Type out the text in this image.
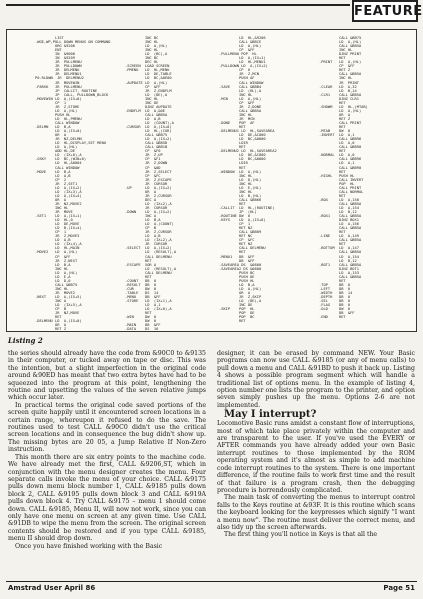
FEATURE
LIST
.WGE,WP,PULL DOWN MENUS ON COMMAND
ORG &9206
ENT
IN  &9000
IN  &9209
JR  PULLMENU
JR  PULLDOWN
JR  DELMENU
JR  DELMENU1
P0.RLDWN  JR  DELMENU2
JR  MOVEWIN
.PARSK   JR  PULLMENU
JP  CALLIT, ROUTINE
JP  CALL, PULLDOWN_BLOCK
.MOVEWIN LD  A,(IX+0)
CP  1
JR  Z,STORE
LD  A,(HL)
PUSH HL
LD  HL,PMENU
CALL WINDOW
.DELMN   LD  B,A
LD  A,(IX+0)
OR  A
JR  NZ,DELMN
LD  HL,DISPLAY,SET MENU
LD  A,(HL)
ADD HL,DE
LD  (IX+0),A
.GSKY    LD  BC,(WIN+0)
LD  HL,&0004
CALL WINDOW
.MOVE    LD  B,A
LD  A,B
CP  2
JR  Z,SET1
LD  A,(IX+2)
LD  (IX+3),A
LD  A,(IX+4)
OR  A
JR  NZ,MOVE2
INC HL
JR  MOVE
.SET1    LD  A,(IX+1)
LD  HL,0
LD  DE,MOVE
LD  B,(IX+4)
CP  1
JR  Z,MOVE3
LD  A,B
LD  (IX+4),A
LD  HL,MAIN
.MOVE2   LD  A,(HL)
CP  &FF
JR  Z,NEXT
LD  B,A
INC HL
LD  A,(HL)
LD  E,A
LD  D,0
CALL &BB75
INC HL
JR  MOVE2
.NEXT    LD  A,(IX+5)
INC A
LD  (IX+5),A
CP  B
JR  NZ,MOVE
RET
.DELMENU LD  A,(IX+0)
OR  A
RET Z

INC BC
INC HL
LD  A,(HL)
INC HL
LD  (BC),A
INC BC
DEC HL
.SCREEN  LOAD SCREEN
.PMENU   LD  HL,MENU
LD  DE,TABLE
LD  BC,&0E00
.AUPDATE LD  A,(HL)
CP  &FF
JR  Z,ENDFLM
LD  (DE),A
INC HL
INC DE
DJNZ AUPDATE
.ENDFLM  LD  A,&0E
CALL &BB5A
LD  A,B
LD  (COUNT),A
.CURSOR  LD  A,(IX+0)
LD  HL,(CUR)
CALL &BB75
LD  A,(IX+2)
CALL &BB5D
CALL &BB1B
CP  &F0
JR  Z,UP
CP  &F1
JR  Z,DOWN
CP  &0D
JR  Z,SELECT
CP  &FC
JR  Z,ESCAPE
JR  CURSOR
.UP      LD  A,(IX+2)
OR  A
JR  Z,CURSOR
DEC A
LD  (IX+2),A
JR  CURSOR
.DOWN    LD  A,(IX+2)
INC A
LD  B,A
LD  A,(COUNT)
CP  B
JR  Z,CURSOR
LD  A,B
LD  (IX+2),A
JR  CURSOR
.SELECT  LD  A,(IX+2)
LD  (RESULT),A
CALL DELMENU
RET
.ESCAPE  XOR A
LD  (RESULT),A
CALL DELMENU
RET
.COUNT   DB  0
.RESULT  DB  0
.CUR     DW  0
.TABLE   DS  14
.MENU    DB  &FF
.STORE   LD  (IX+1),A
LD  A,1
LD  (IX+0),A
RET
.WIN     DW  0
DW  0
.MAIN    DB  &FF
.DATA    DS  16

LD  HL,&9206
CALL &BBCE
LD  A,(HL)
CP  &FF
.PULLMENU POP  HL
LD  A,(IX+1)
LD  HL,MENU1
.PULLDOWN LD  A,(IX+2)
CP  0
JR  Z,MCN
PUSH AF
CALL WINDOW
.SAVE    CALL &BBB4
LD  (HL),A
INC HL
.MCN     LD  A,(HL)
CP  &FF
JR  Z,DONE
CALL &BB5A
INC HL
JR  MCN
.DONE    POP  AF
RET
.DELMENU1 LD  HL,SAVEAREA
LD  DE,&C000
LD  BC,&0800
LDIR
RET
.DELMENU2 LD  HL,SAVEAREA2
LD  DE,&C800
LD  BC,&0800
LDIR
RET
.WINDOW  LD  A,(HL)
INC HL
LD  D,(HL)
INC HL
LD  E,(HL)
INC HL
LD  B,(HL)
CALL &BB66
RET
.CALLIT  LD  HL,(ROUTINE)
JP  (HL)
.ROUTINE DW  0
.KEYS    LD  A,(IX+0)
CP  1
RET NZ
CALL &BB09
RET NC
CP  &FC
RET NZ
CALL DELMENU
RET
.MENU1   DB  &FF
DB  &FF
.SAVEAREA DS  &0800
.SAVEAREA2 DS &0800
PUSH BC
PUSH DE
PUSH HL
LD  B,A
LD  A,(HL)
OR  A
JR  Z,SKIP
LD  (DE),A
INC DE
.SKIP    POP  HL
POP  DE
POP  BC
RET
CALL &BB75
LD  A,(HL)
CALL &BB5A
INC HL
DJNZ PRINT
RET
.PRINT   LD  A,(HL)
CP  &FF
RET Z
CALL &BB5A
INC HL
JR  PRINT
.CLEAR   LD  A,32
LD  B,14
.CLR1    CALL &BB5A
DJNZ CLR1
RET
.SHOWM   LD  HL,(MTAB)
LD  A,(HL)
OR  A
RET Z
CALL PRINT
RET
.MTAB    DW  0
.INVERT  LD  A,1
CALL &BB96
LD  A,0
CALL &BB90
RET
.NORMAL  LD  A,0
CALL &BB96
LD  A,1
CALL &BB90
RET
.HIGHL   PUSH HL
CALL INVERT
POP  HL
CALL PRINT
CALL NORMAL
RET
.BOX     LD  A,150
CALL &BB5A
LD  A,154
LD  B,12
.BOX1    CALL &BB5A
DJNZ BOX1
LD  A,156
CALL &BB5A
RET
.LINE    LD  A,149
CALL &BB5A
RET
.BOTTOM  LD  A,147
CALL &BB5A
LD  A,154
LD  B,12
.BOT1    CALL &BB5A
DJNZ BOT1
LD  A,153
CALL &BB5A
RET
.TOP     DB  0
.LEFT    DB  0
.WIDTH   DB  14
.DEPTH   DB  0
.SEL     DB  0
.FLAG    DB  0
.OLD     DW  0
DB  &FF
.END     RET
Listing 2

the series should already have the code from &90C0 to &9135 in their computer, or tucked away on tape or disc. This was the intention, but a slight imperfection in the original code around &90ED has meant that two extra bytes have had to be squeezed into the program at this point, lengthening the routine and upsetting the values of the seven relative jumps which occur later.

In practical terms the original code saved portions of the screen quite happily until it encountered screen locations in a certain range, whereupon it refused to do the save. The routines used to test CALL &90C0 didn't use the critical screen locations and in consequence the bug didn't show up. The missing bytes are 20 05, a Jump Relative If Non-Zero instruction.

This month there are six entry points to the machine code. We have already met the first, CALL &9206,ST, which in conjunction with the menu designer creates the menu. Four separate calls invoke the menu of your choice. CALL &9175 pulls down menu block number 1, CALL &9185 pulls down block 2, CALL &9195 pulls down block 3 and CALL &919A pulls down block 4. Try CALL &9175 – menu 1 should come down. CALL &9185, Menu II, will now not work, since you can only have one menu on screen at any given time. Use CALL &91DB to wipe the menu from the screen. The original screen contents should be restored and if you type CALL &9185, menu II should drop down.

Once you have finished working with the Basic

designer, it can be erased by command NEW. Your Basic programs can now use CALL &9185 (or any of menu calls) to pull down a menu and CALL &91BD to push it back up. Listing 4 shows a possible program segment which will handle a traditional list of options menu. In the example of listing 4, option number one lists the program to the printer, and option seven simply pushes up the menu. Options 2-6 are not implemented.

May I interrupt?

Locomotive Basic runs amidst a constant flow of interruptions, most of which take place privately within the computer and are transparent to the user. If you've used the EVERY or AFTER commands you have already added your own Basic interrupt routines to those implemented by the ROM operating system and it's almost as simple to add machine code interrupt routines to the system. There is one important difference, if the routine fails to work first time and the result of that failure is a program crash, then the debugging procedure is horrendously complicated.

The main task of converting the menus to interrupt control falls to the Keys routine at &93F. It is this routine which scans the keyboard looking for the keypresses which signify "I want a menu now". The routine must deliver the correct menu, and also tidy up the screen afterwards.

The first thing you'll notice in Keys is that all the

Amstrad User April 86	Page 51
